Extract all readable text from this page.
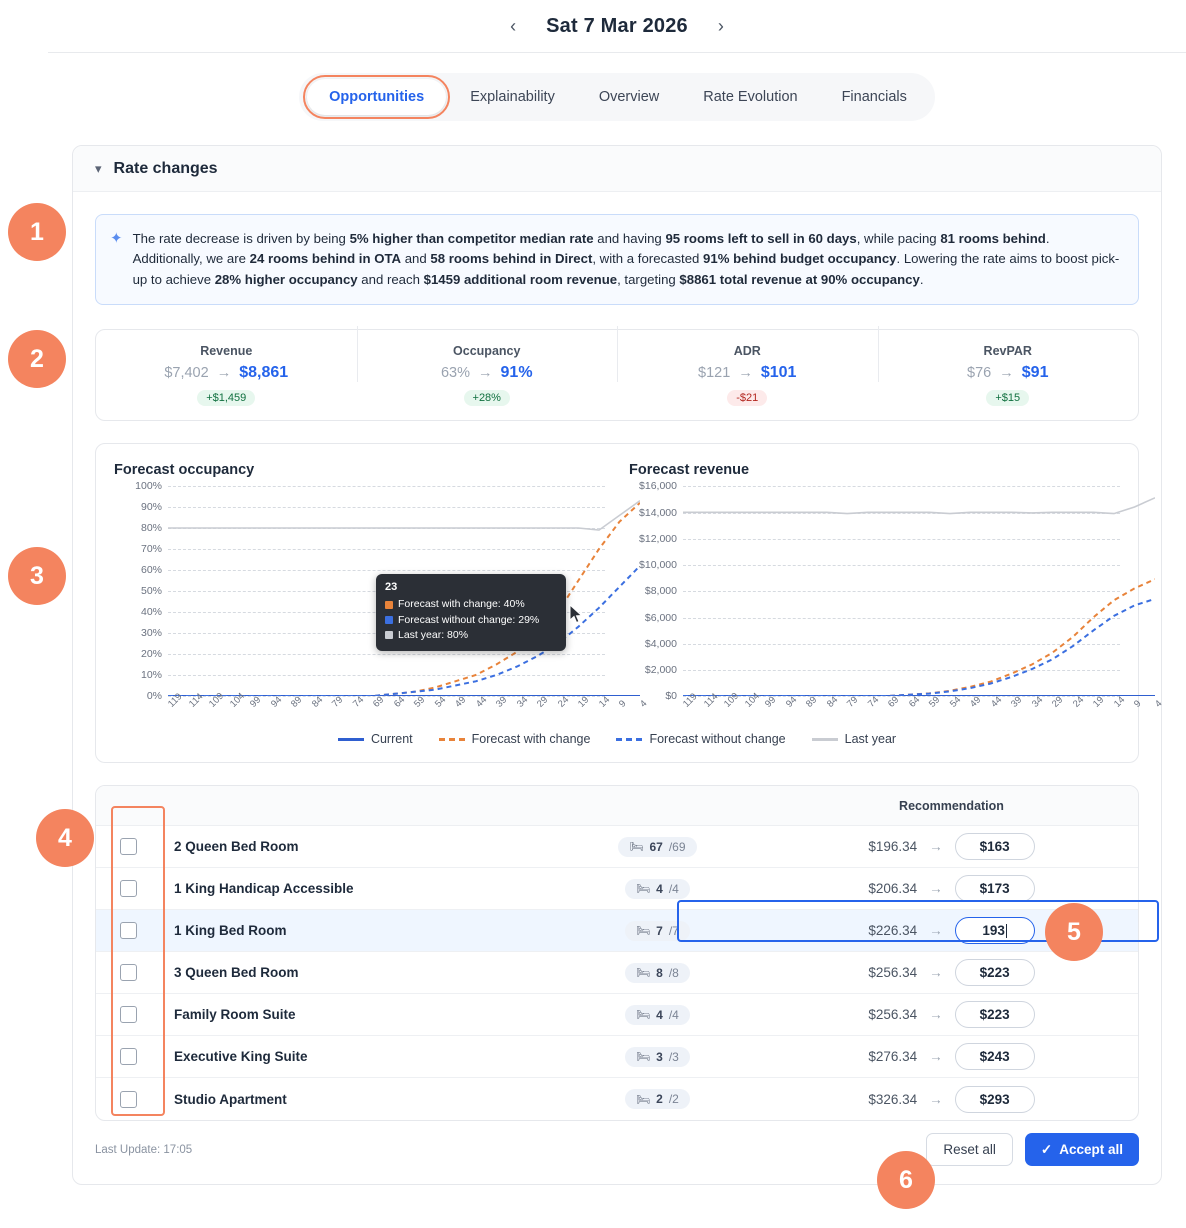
‹	Sat 7 Mar 2026	›
Opportunities	Explainability	Overview	Rate Evolution	Financials
▾ Rate changes
✦ The rate decrease is driven by being 5% higher than competitor median rate and having 95 rooms left to sell in 60 days, while pacing 81 rooms behind. Additionally, we are 24 rooms behind in OTA and 58 rooms behind in Direct, with a forecasted 91% behind budget occupancy. Lowering the rate aims to boost pick-up to achieve 28% higher occupancy and reach $1459 additional room revenue, targeting $8861 total revenue at 90% occupancy.
Revenue
$7,402 → $8,861
+$1,459
Occupancy
63% → 91%
+28%
ADR
$121 → $101
-$21
RevPAR
$76 → $91
+$15
Forecast occupancy
100%
90%
80%
70%
60%
50%
40%
30%
20%
10%
0% 119 114 109 104 99 94 89 84 79 74 69 64 59 54 49 44 39 34 29 24 19 14 9 4
23
Forecast with change: 40%
Forecast without change: 29%
Last year: 80%
Forecast revenue
$16,000
$14,000
$12,000
$10,000
$8,000
$6,000
$4,000
$2,000
$0 119 114 109 104 99 94 89 84 79 74 69 64 59 54 49 44 39 34 29 24 19 14 9 4
Current	Forecast with change	Forecast without change	Last year
Recommendation
2 Queen Bed Room	🛏 67 /69	$196.34 →	$163
1 King Handicap Accessible	🛏 4 /4	$206.34 →	$173
1 King Bed Room	🛏 7 /7	$226.34 →	193
3 Queen Bed Room	🛏 8 /8	$256.34 →	$223
Family Room Suite	🛏 4 /4	$256.34 →	$223
Executive King Suite	🛏 3 /3	$276.34 →	$243
Studio Apartment	🛏 2 /2	$326.34 →	$293
Last Update: 17:05	Reset all	✓ Accept all
1
2
3
4
5
6
